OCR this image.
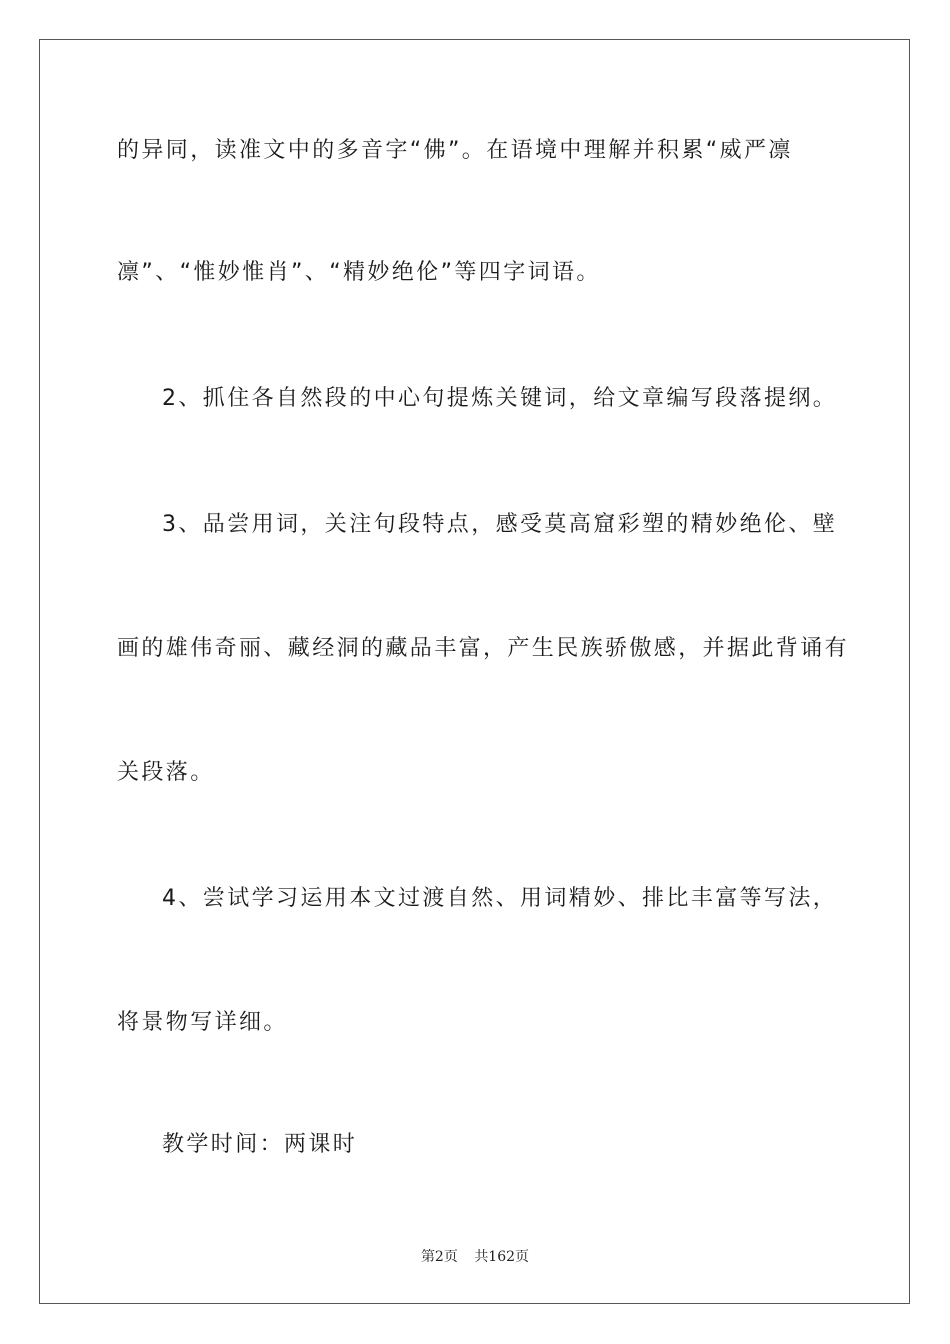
的异同，读准文中的多音字“佛”。在语境中理解并积累“威严凛
凛”、“惟妙惟肖”、“精妙绝伦”等四字词语。
2、抓住各自然段的中心句提炼关键词，给文章编写段落提纲。
3、品尝用词，关注句段特点，感受莫高窟彩塑的精妙绝伦、壁
画的雄伟奇丽、藏经洞的藏品丰富，产生民族骄傲感，并据此背诵有
关段落。
4、尝试学习运用本文过渡自然、用词精妙、排比丰富等写法，
将景物写详细。
教学时间：两课时
第2页 共162页
